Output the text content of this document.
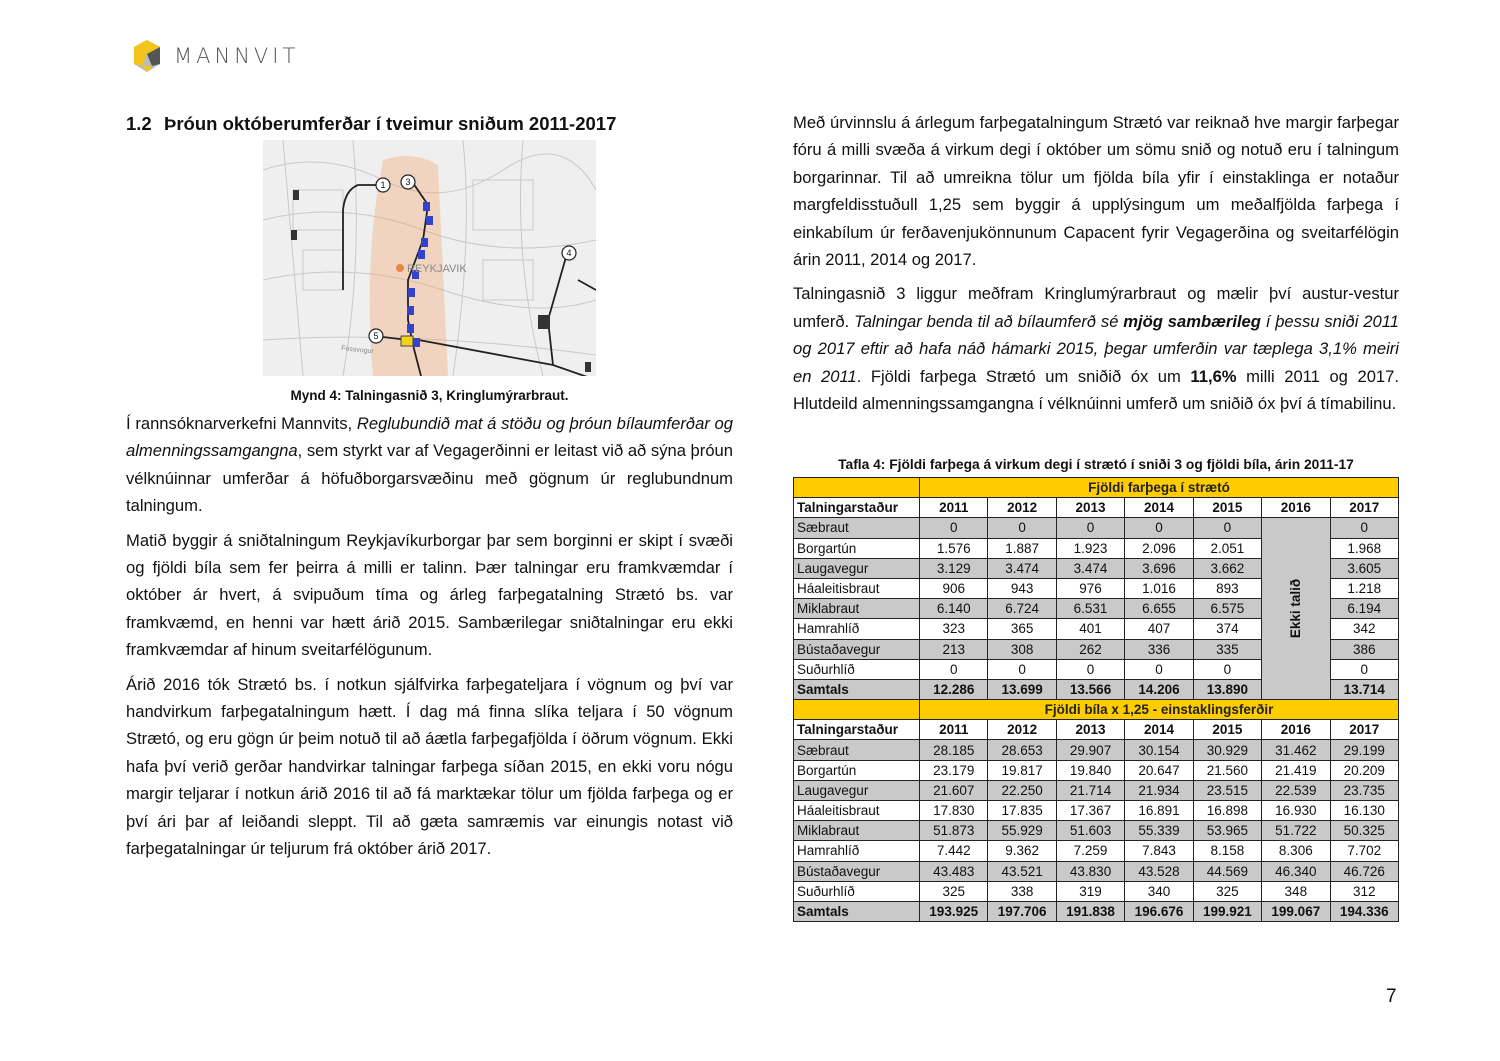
MANNVIT
1.2 Þróun októberumferðar í tveimur sniðum 2011-2017
1 3
4
5
REYKJAVIK
Fossvogur
Mynd 4: Talningasnið 3, Kringlumýrarbraut.

Í rannsóknarverkefni Mannvits, Reglubundið mat á stöðu og þróun bílaumferðar og almenningssamgangna, sem styrkt var af Vegagerðinni er leitast við að sýna þróun vélknúinnar umferðar á höfuðborgarsvæðinu með gögnum úr reglubundnum talningum.

Matið byggir á sniðtalningum Reykjavíkurborgar þar sem borginni er skipt í svæði og fjöldi bíla sem fer þeirra á milli er talinn. Þær talningar eru framkvæmdar í október ár hvert, á svipuðum tíma og árleg farþegatalning Strætó bs. var framkvæmd, en henni var hætt árið 2015. Sambærilegar sniðtalningar eru ekki framkvæmdar af hinum sveitarfélögunum.

Árið 2016 tók Strætó bs. í notkun sjálfvirka farþegateljara í vögnum og því var handvirkum farþegatalningum hætt. Í dag má finna slíka teljara í 50 vögnum Strætó, og eru gögn úr þeim notuð til að áætla farþegafjölda í öðrum vögnum. Ekki hafa því verið gerðar handvirkar talningar farþega síðan 2015, en ekki voru nógu margir teljarar í notkun árið 2016 til að fá marktækar tölur um fjölda farþega og er því ári þar af leiðandi sleppt. Til að gæta samræmis var einungis notast við farþegatalningar úr teljurum frá október árið 2017.

Með úrvinnslu á árlegum farþegatalningum Strætó var reiknað hve margir farþegar fóru á milli svæða á virkum degi í október um sömu snið og notuð eru í talningum borgarinnar. Til að umreikna tölur um fjölda bíla yfir í einstaklinga er notaður margfeldisstuðull 1,25 sem byggir á upplýsingum um meðalfjölda farþega í einkabílum úr ferðavenjukönnunum Capacent fyrir Vegagerðina og sveitarfélögin árin 2011, 2014 og 2017.

Talningasnið 3 liggur meðfram Kringlumýrarbraut og mælir því austur-vestur umferð. Talningar benda til að bílaumferð sé mjög sambærileg í þessu sniði 2011 og 2017 eftir að hafa náð hámarki 2015, þegar umferðin var tæplega 3,1% meiri en 2011. Fjöldi farþega Strætó um sniðið óx um 11,6% milli 2011 og 2017. Hlutdeild almenningssamgangna í vélknúinni umferð um sniðið óx því á tímabilinu.

Tafla 4: Fjöldi farþega á virkum degi í strætó í sniði 3 og fjöldi bíla, árin 2011-17
	Fjöldi farþega í strætó						
Talningarstaður	2011	2012	2013	2014	2015	2016	2017
Sæbraut	0	0	0	0	0	Ekki talið	0
Borgartún	1.576	1.887	1.923	2.096	2.051		1.968
Laugavegur	3.129	3.474	3.474	3.696	3.662		3.605
Háaleitisbraut	906	943	976	1.016	893		1.218
Miklabraut	6.140	6.724	6.531	6.655	6.575		6.194
Hamrahlíð	323	365	401	407	374		342
Bústaðavegur	213	308	262	336	335		386
Suðurhlíð	0	0	0	0	0		0
Samtals	12.286	13.699	13.566	14.206	13.890		13.714
	Fjöldi bíla x 1,25 - einstaklingsferðir						
Talningarstaður	2011	2012	2013	2014	2015	2016	2017
Sæbraut	28.185	28.653	29.907	30.154	30.929	31.462	29.199
Borgartún	23.179	19.817	19.840	20.647	21.560	21.419	20.209
Laugavegur	21.607	22.250	21.714	21.934	23.515	22.539	23.735
Háaleitisbraut	17.830	17.835	17.367	16.891	16.898	16.930	16.130
Miklabraut	51.873	55.929	51.603	55.339	53.965	51.722	50.325
Hamrahlíð	7.442	9.362	7.259	7.843	8.158	8.306	7.702
Bústaðavegur	43.483	43.521	43.830	43.528	44.569	46.340	46.726
Suðurhlíð	325	338	319	340	325	348	312
Samtals	193.925	197.706	191.838	196.676	199.921	199.067	194.336
7
